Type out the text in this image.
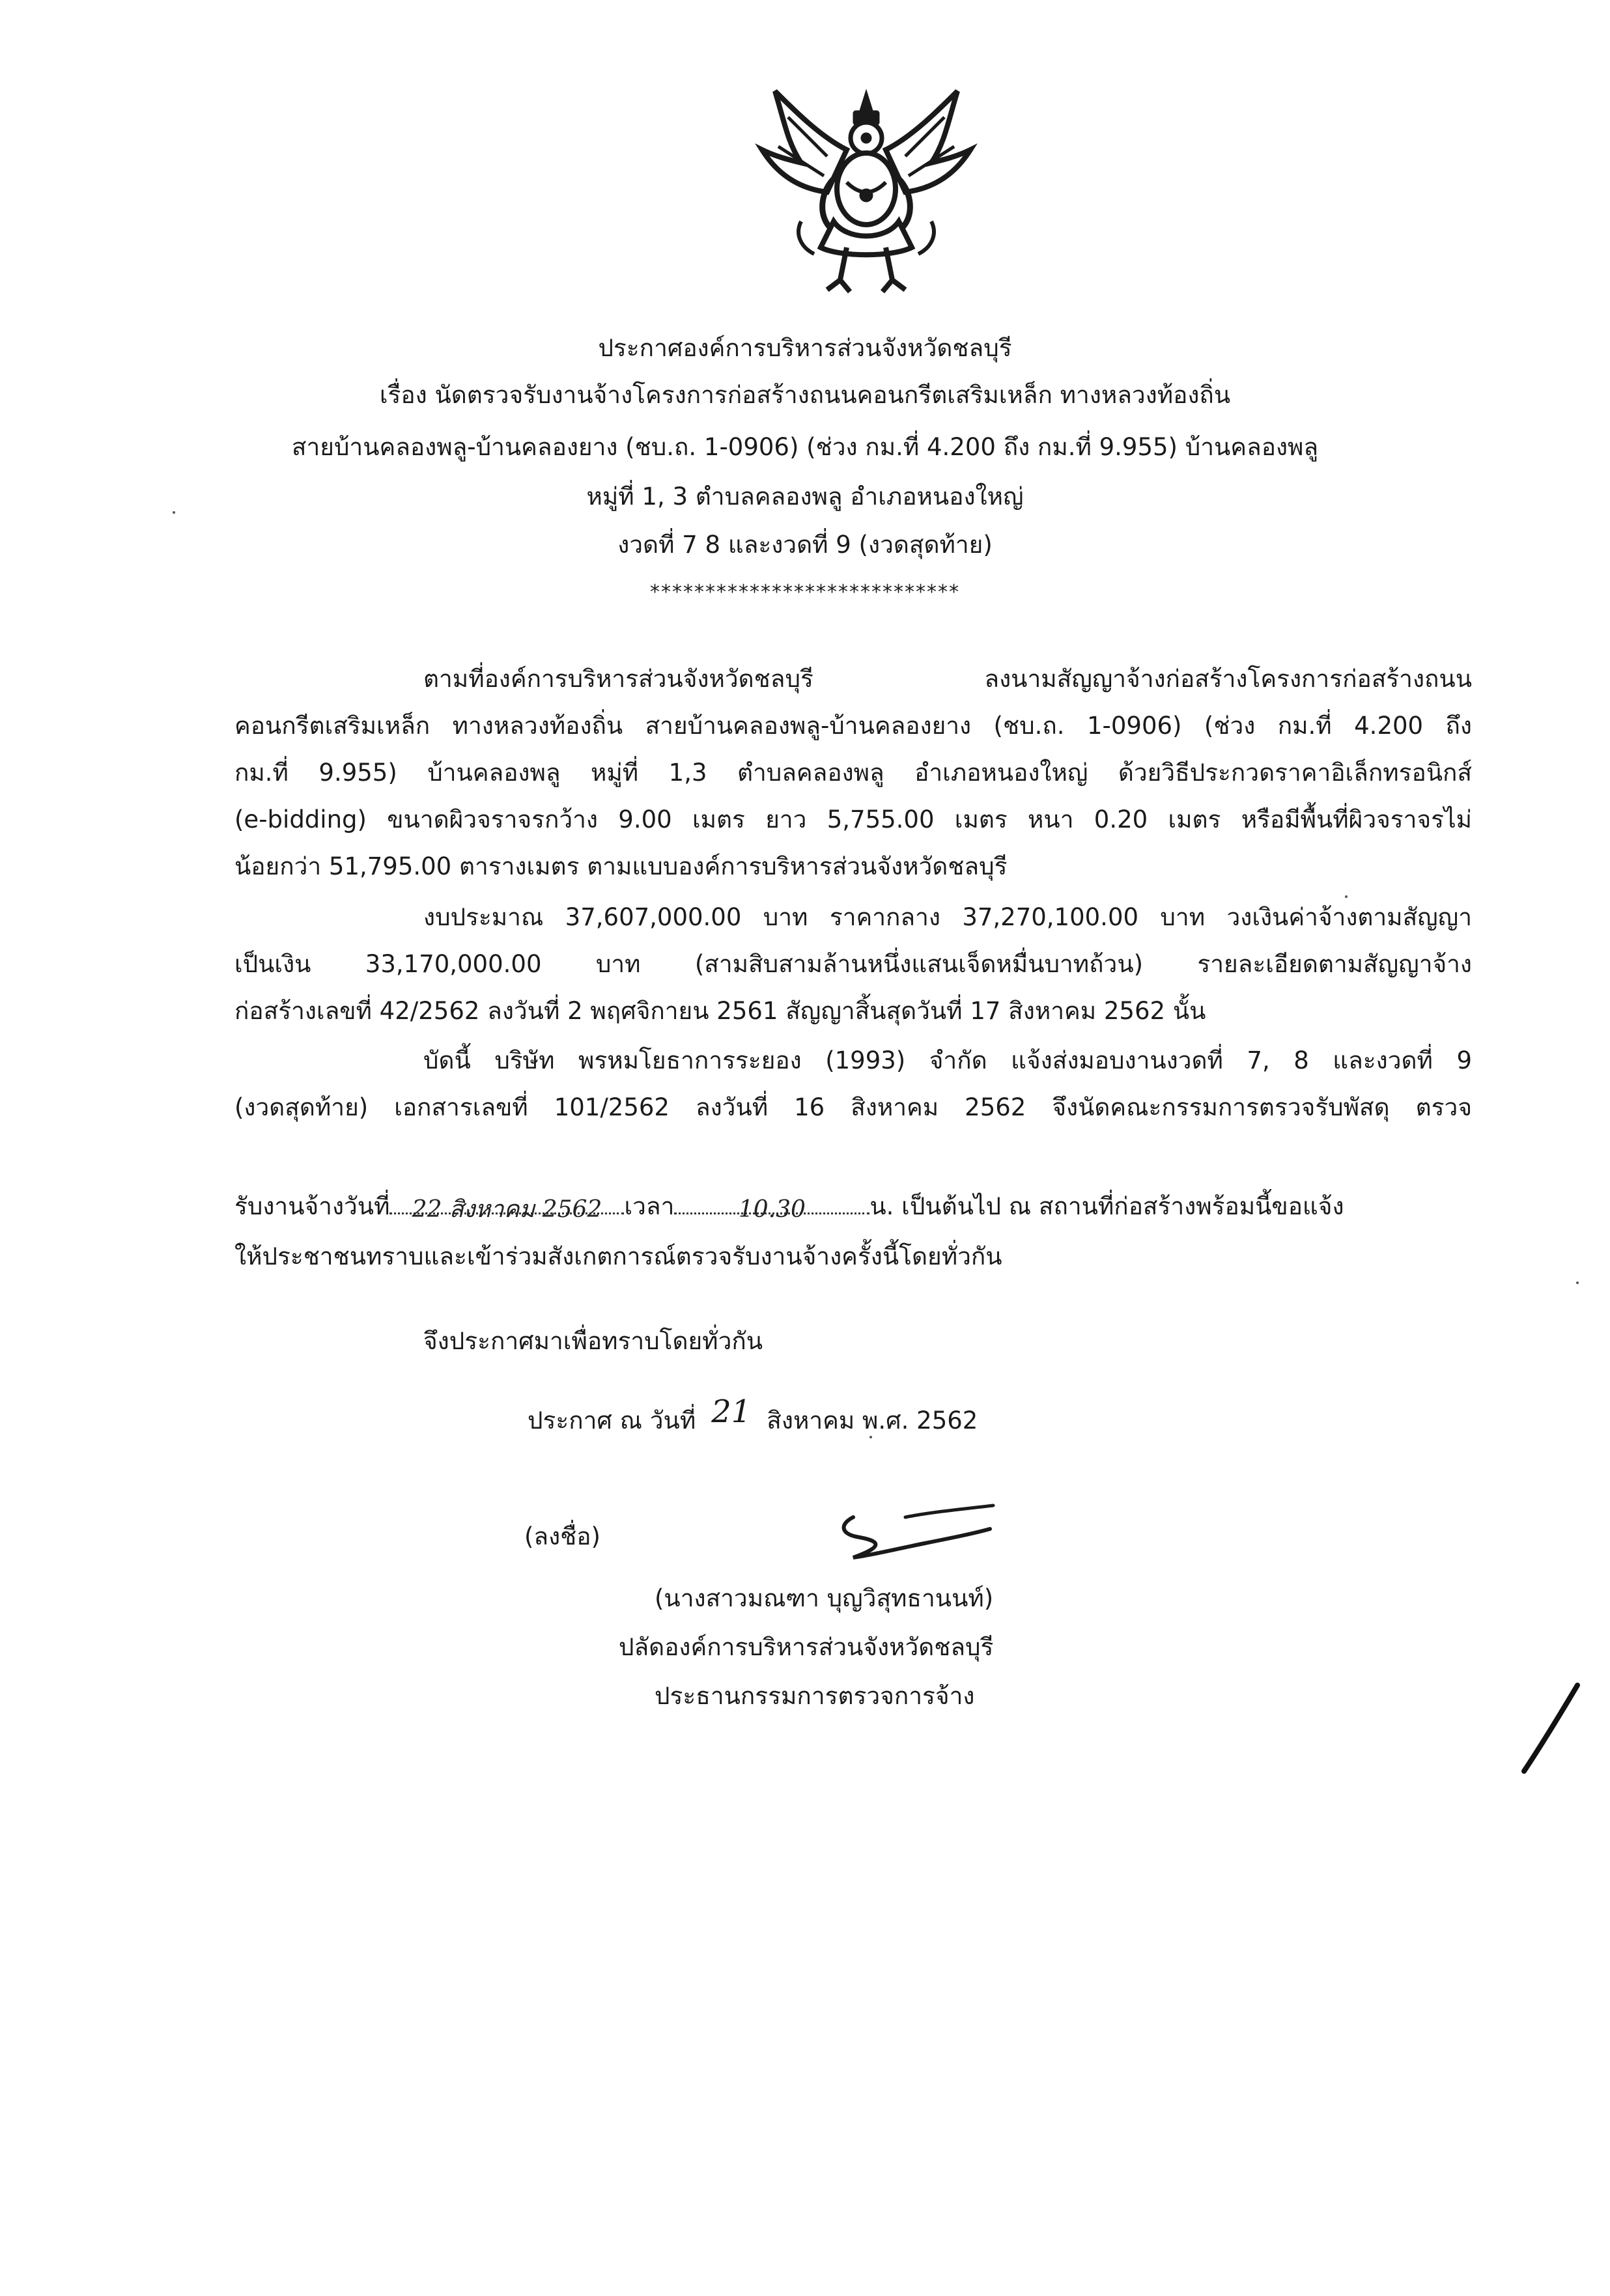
ประกาศองค์การบริหารส่วนจังหวัดชลบุรี
เรื่อง นัดตรวจรับงานจ้างโครงการก่อสร้างถนนคอนกรีตเสริมเหล็ก ทางหลวงท้องถิ่น
สายบ้านคลองพลู-บ้านคลองยาง (ชบ.ถ. 1-0906) (ช่วง กม.ที่ 4.200 ถึง กม.ที่ 9.955) บ้านคลองพลู
หมู่ที่ 1, 3 ตำบลคลองพลู อำเภอหนองใหญ่
งวดที่ 7 8 และงวดที่ 9 (งวดสุดท้าย)
****************************
ตามที่องค์การบริหารส่วนจังหวัดชลบุรี ลงนามสัญญาจ้างก่อสร้างโครงการก่อสร้างถนน
คอนกรีตเสริมเหล็ก ทางหลวงท้องถิ่น สายบ้านคลองพลู-บ้านคลองยาง (ชบ.ถ. 1-0906) (ช่วง กม.ที่ 4.200 ถึง
กม.ที่ 9.955) บ้านคลองพลู หมู่ที่ 1,3 ตำบลคลองพลู อำเภอหนองใหญ่ ด้วยวิธีประกวดราคาอิเล็กทรอนิกส์
(e-bidding) ขนาดผิวจราจรกว้าง 9.00 เมตร ยาว 5,755.00 เมตร หนา 0.20 เมตร หรือมีพื้นที่ผิวจราจรไม่
น้อยกว่า 51,795.00 ตารางเมตร ตามแบบองค์การบริหารส่วนจังหวัดชลบุรี
งบประมาณ 37,607,000.00 บาท ราคากลาง 37,270,100.00 บาท วงเงินค่าจ้างตามสัญญา
เป็นเงิน 33,170,000.00 บาท (สามสิบสามล้านหนึ่งแสนเจ็ดหมื่นบาทถ้วน) รายละเอียดตามสัญญาจ้าง
ก่อสร้างเลขที่ 42/2562 ลงวันที่ 2 พฤศจิกายน 2561 สัญญาสิ้นสุดวันที่ 17 สิงหาคม 2562 นั้น
บัดนี้ บริษัท พรหมโยธาการระยอง (1993) จำกัด แจ้งส่งมอบงานงวดที่ 7, 8 และงวดที่ 9
(งวดสุดท้าย) เอกสารเลขที่ 101/2562 ลงวันที่ 16 สิงหาคม 2562 จึงนัดคณะกรรมการตรวจรับพัสดุ ตรวจ
รับงานจ้างวันที่ 22 สิงหาคม 2562 เวลา	10.30	น. เป็นต้นไป ณ สถานที่ก่อสร้างพร้อมนี้ขอแจ้ง
ให้ประชาชนทราบและเข้าร่วมสังเกตการณ์ตรวจรับงานจ้างครั้งนี้โดยทั่วกัน
จึงประกาศมาเพื่อทราบโดยทั่วกัน
ประกาศ ณ วันที่ 21 สิงหาคม พ.ศ. 2562
(ลงชื่อ)
(นางสาวมณฑา บุญวิสุทธานนท์)
ปลัดองค์การบริหารส่วนจังหวัดชลบุรี
ประธานกรรมการตรวจการจ้าง
